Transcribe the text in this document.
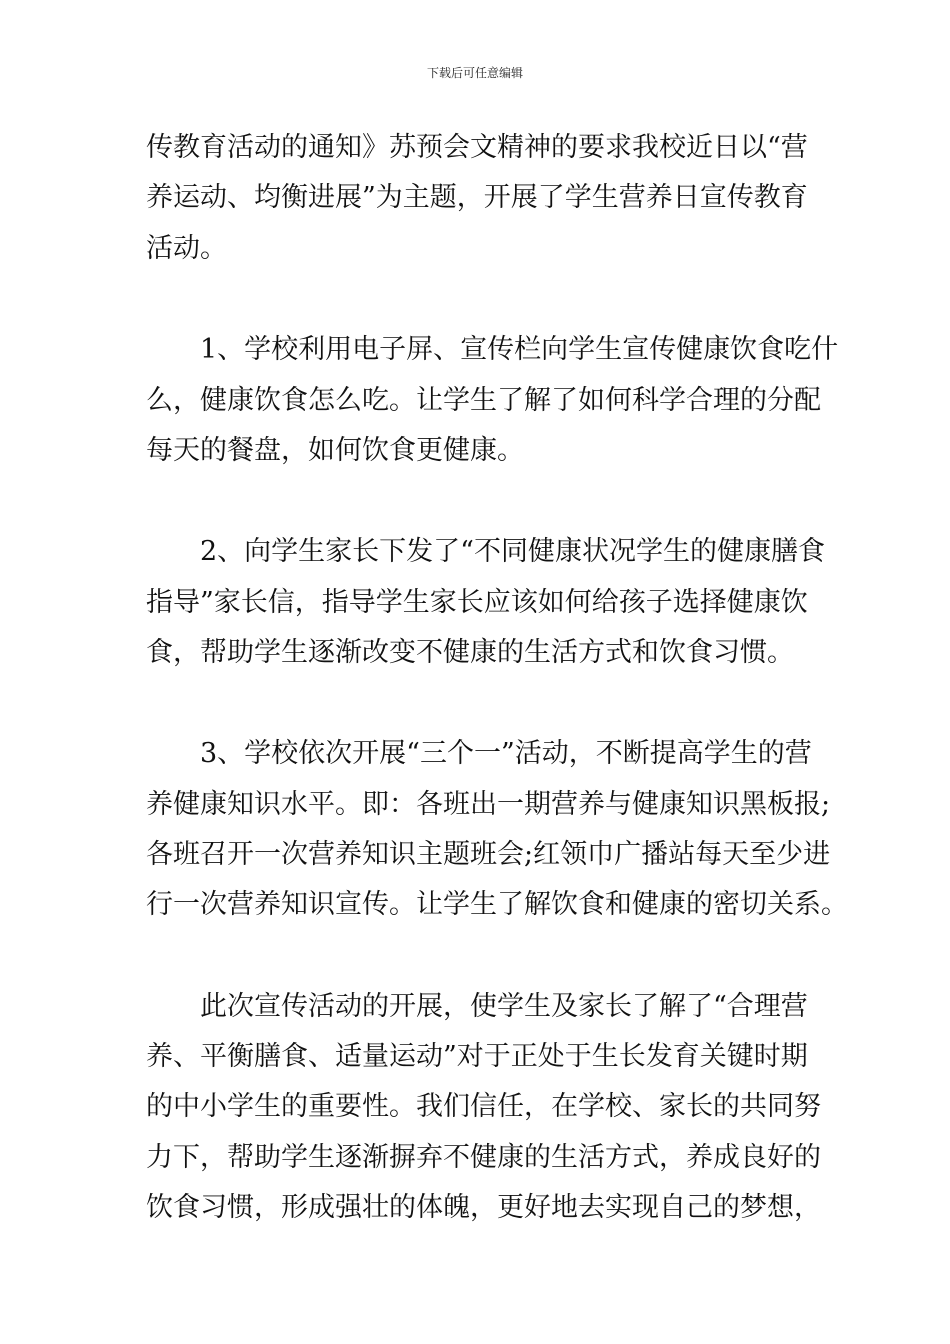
下载后可任意编辑
传教育活动的通知》苏预会文精神的要求我校近日以“营
养运动、均衡进展”为主题，开展了学生营养日宣传教育
活动。
1、学校利用电子屏、宣传栏向学生宣传健康饮食吃什
么，健康饮食怎么吃。让学生了解了如何科学合理的分配
每天的餐盘，如何饮食更健康。
2、向学生家长下发了“不同健康状况学生的健康膳食
指导”家长信，指导学生家长应该如何给孩子选择健康饮
食，帮助学生逐渐改变不健康的生活方式和饮食习惯。
3、学校依次开展“三个一”活动，不断提高学生的营
养健康知识水平。即：各班出一期营养与健康知识黑板报;
各班召开一次营养知识主题班会;红领巾广播站每天至少进
行一次营养知识宣传。让学生了解饮食和健康的密切关系。
此次宣传活动的开展，使学生及家长了解了“合理营
养、平衡膳食、适量运动”对于正处于生长发育关键时期
的中小学生的重要性。我们信任，在学校、家长的共同努
力下，帮助学生逐渐摒弃不健康的生活方式，养成良好的
饮食习惯，形成强壮的体魄，更好地去实现自己的梦想，
